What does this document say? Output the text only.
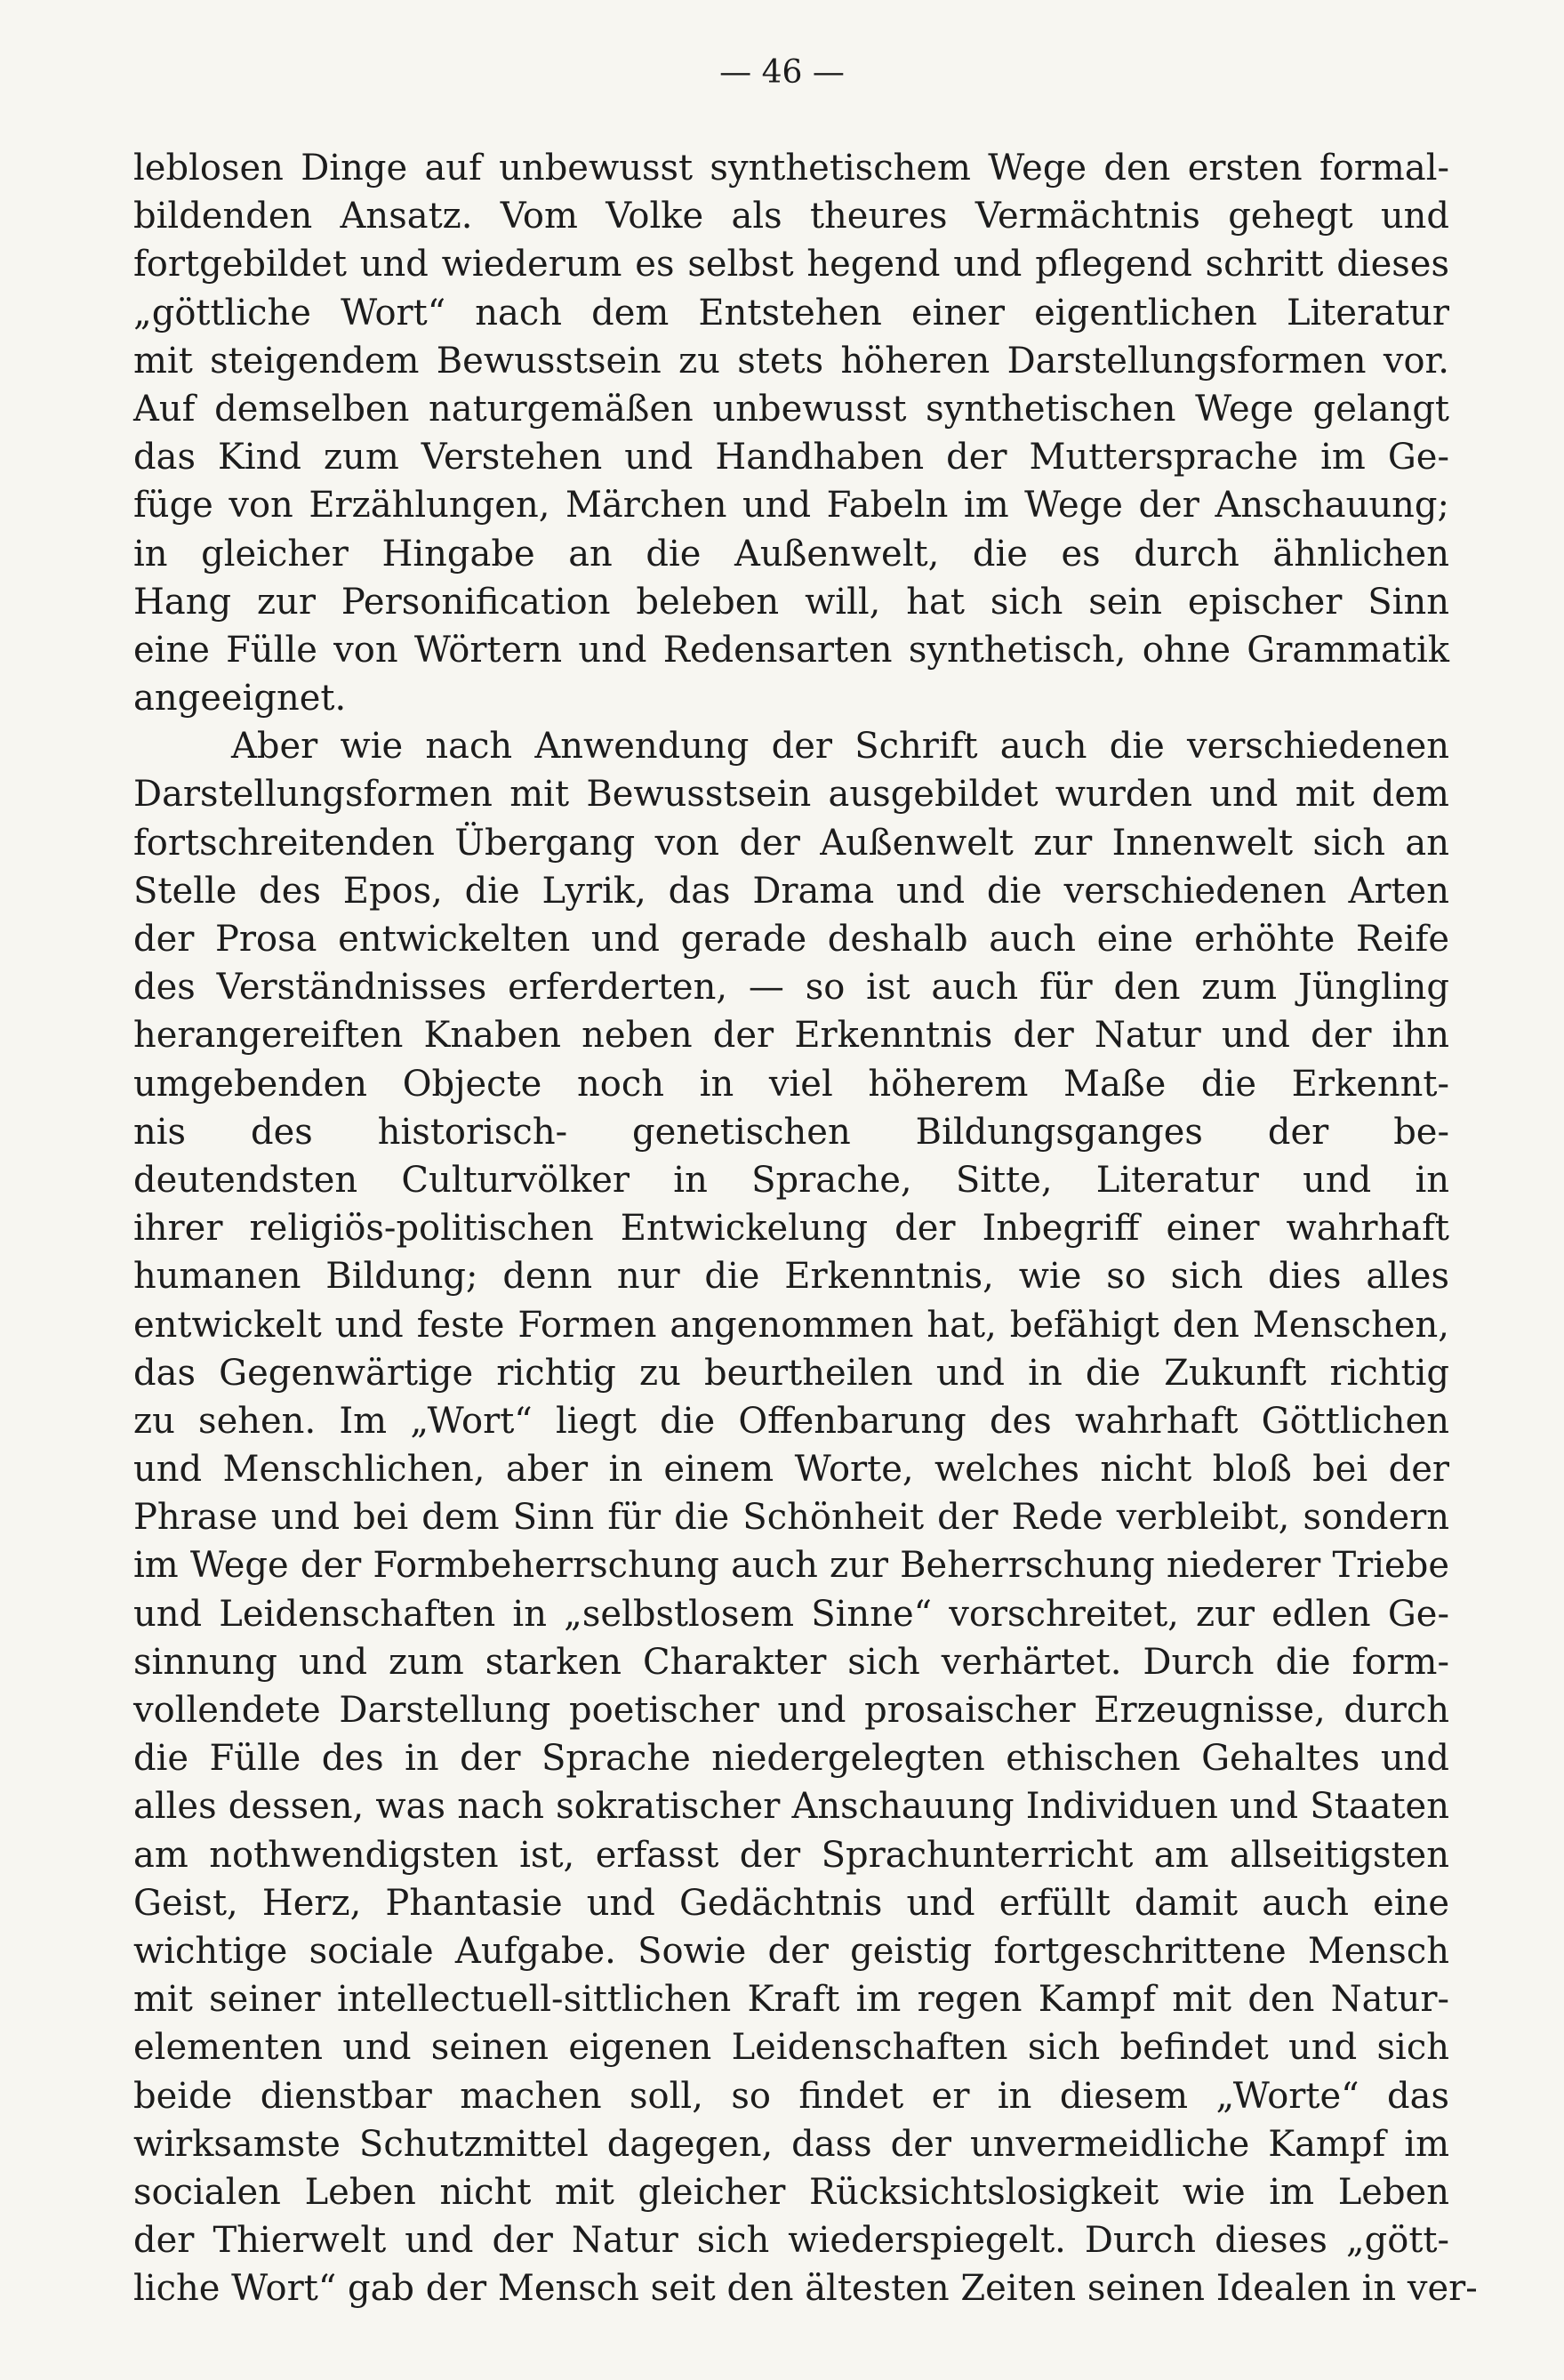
— 46 —
leblosen Dinge auf unbewusst synthetischem Wege den ersten formal-
bildenden Ansatz. Vom Volke als theures Vermächtnis gehegt und
fortgebildet und wiederum es selbst hegend und pflegend schritt dieses
„göttliche Wort“ nach dem Entstehen einer eigentlichen Literatur
mit steigendem Bewusstsein zu stets höheren Darstellungsformen vor.
Auf demselben naturgemäßen unbewusst synthetischen Wege gelangt
das Kind zum Verstehen und Handhaben der Muttersprache im Ge-
füge von Erzählungen, Märchen und Fabeln im Wege der Anschauung;
in gleicher Hingabe an die Außenwelt, die es durch ähnlichen
Hang zur Personification beleben will, hat sich sein epischer Sinn
eine Fülle von Wörtern und Redensarten synthetisch, ohne Grammatik
angeeignet.
Aber wie nach Anwendung der Schrift auch die verschiedenen
Darstellungsformen mit Bewusstsein ausgebildet wurden und mit dem
fortschreitenden Übergang von der Außenwelt zur Innenwelt sich an
Stelle des Epos, die Lyrik, das Drama und die verschiedenen Arten
der Prosa entwickelten und gerade deshalb auch eine erhöhte Reife
des Verständnisses erferderten, — so ist auch für den zum Jüngling
herangereiften Knaben neben der Erkenntnis der Natur und der ihn
umgebenden Objecte noch in viel höherem Maße die Erkennt-
nis des historisch- genetischen Bildungsganges der be-
deutendsten Culturvölker in Sprache, Sitte, Literatur und in
ihrer religiös-politischen Entwickelung der Inbegriff einer wahrhaft
humanen Bildung; denn nur die Erkenntnis, wie so sich dies alles
entwickelt und feste Formen angenommen hat, befähigt den Menschen,
das Gegenwärtige richtig zu beurtheilen und in die Zukunft richtig
zu sehen. Im „Wort“ liegt die Offenbarung des wahrhaft Göttlichen
und Menschlichen, aber in einem Worte, welches nicht bloß bei der
Phrase und bei dem Sinn für die Schönheit der Rede verbleibt, sondern
im Wege der Formbeherrschung auch zur Beherrschung niederer Triebe
und Leidenschaften in „selbstlosem Sinne“ vorschreitet, zur edlen Ge-
sinnung und zum starken Charakter sich verhärtet. Durch die form-
vollendete Darstellung poetischer und prosaischer Erzeugnisse, durch
die Fülle des in der Sprache niedergelegten ethischen Gehaltes und
alles dessen, was nach sokratischer Anschauung Individuen und Staaten
am nothwendigsten ist, erfasst der Sprachunterricht am allseitigsten
Geist, Herz, Phantasie und Gedächtnis und erfüllt damit auch eine
wichtige sociale Aufgabe. Sowie der geistig fortgeschrittene Mensch
mit seiner intellectuell-sittlichen Kraft im regen Kampf mit den Natur-
elementen und seinen eigenen Leidenschaften sich befindet und sich
beide dienstbar machen soll, so findet er in diesem „Worte“ das
wirksamste Schutzmittel dagegen, dass der unvermeidliche Kampf im
socialen Leben nicht mit gleicher Rücksichtslosigkeit wie im Leben
der Thierwelt und der Natur sich wiederspiegelt. Durch dieses „gött-
liche Wort“ gab der Mensch seit den ältesten Zeiten seinen Idealen in ver-
